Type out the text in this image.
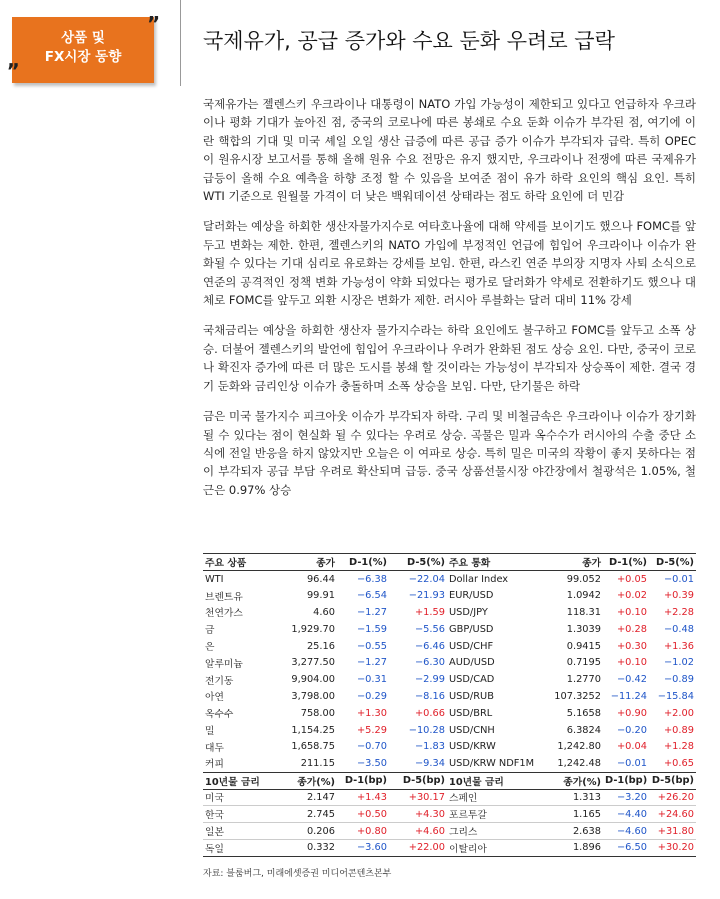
상품 및
FX시장 동향
„
”
국제유가, 공급 증가와 수요 둔화 우려로 급락

국제유가는 젤렌스키 우크라이나 대통령이 NATO 가입 가능성이 제한되고 있다고 언급하자 우크라이나 평화 기대가 높아진 점, 중국의 코로나에 따른 봉쇄로 수요 둔화 이슈가 부각된 점, 여기에 이란 핵합의 기대 및 미국 셰일 오일 생산 급증에 따른 공급 증가 이슈가 부각되자 급락. 특히 OPEC이 원유시장 보고서를 통해 올해 원유 수요 전망은 유지 했지만, 우크라이나 전쟁에 따른 국제유가 급등이 올해 수요 예측을 하향 조정 할 수 있음을 보여준 점이 유가 하락 요인의 핵심 요인. 특히 WTI 기준으로 원월물 가격이 더 낮은 백워데이션 상태라는 점도 하락 요인에 더 민감

달러화는 예상을 하회한 생산자물가지수로 여타호나율에 대해 약세를 보이기도 했으나 FOMC를 앞두고 변화는 제한. 한편, 젤렌스키의 NATO 가입에 부정적인 언급에 힘입어 우크라이나 이슈가 완화될 수 있다는 기대 심리로 유로화는 강세를 보임. 한편, 라스킨 연준 부의장 지명자 사퇴 소식으로 연준의 공격적인 정책 변화 가능성이 약화 되었다는 평가로 달러화가 약세로 전환하기도 했으나 대체로 FOMC를 앞두고 외환 시장은 변화가 제한. 러시아 루블화는 달러 대비 11% 강세

국채금리는 예상을 하회한 생산자 물가지수라는 하락 요인에도 불구하고 FOMC를 앞두고 소폭 상승. 더불어 젤렌스키의 발언에 힘입어 우크라이나 우려가 완화된 점도 상승 요인. 다만, 중국이 코로나 확진자 증가에 따른 더 많은 도시를 봉쇄 할 것이라는 가능성이 부각되자 상승폭이 제한. 결국 경기 둔화와 금리인상 이슈가 충돌하며 소폭 상승을 보임. 다만, 단기물은 하락

금은 미국 물가지수 피크아웃 이슈가 부각되자 하락. 구리 및 비철금속은 우크라이나 이슈가 장기화 될 수 있다는 점이 현실화 될 수 있다는 우려로 상승. 곡물은 밀과 옥수수가 러시아의 수출 중단 소식에 전일 반응을 하지 않았지만 오늘은 이 여파로 상승. 특히 밀은 미국의 작황이 좋지 못하다는 점이 부각되자 공급 부담 우려로 확산되며 급등. 중국 상품선물시장 야간장에서 철광석은 1.05%, 철근은 0.97% 상승

주요 상품	종가	D-1(%)	D-5(%)	주요 통화	종가	D-1(%)	D-5(%)
WTI	96.44	−6.38	−22.04	Dollar Index	99.052	+0.05	−0.01
브렌트유	99.91	−6.54	−21.93	EUR/USD	1.0942	+0.02	+0.39
천연가스	4.60	−1.27	+1.59	USD/JPY	118.31	+0.10	+2.28
금	1,929.70	−1.59	−5.56	GBP/USD	1.3039	+0.28	−0.48
은	25.16	−0.55	−6.46	USD/CHF	0.9415	+0.30	+1.36
알루미늄	3,277.50	−1.27	−6.30	AUD/USD	0.7195	+0.10	−1.02
전기동	9,904.00	−0.31	−2.99	USD/CAD	1.2770	−0.42	−0.89
아연	3,798.00	−0.29	−8.16	USD/RUB	107.3252	−11.24	−15.84
옥수수	758.00	+1.30	+0.66	USD/BRL	5.1658	+0.90	+2.00
밀	1,154.25	+5.29	−10.28	USD/CNH	6.3824	−0.20	+0.89
대두	1,658.75	−0.70	−1.83	USD/KRW	1,242.80	+0.04	+1.28
커피	211.15	−3.50	−9.34	USD/KRW NDF1M	1,242.48	−0.01	+0.65
10년물 금리	종가(%)	D-1(bp)	D-5(bp)	10년물 금리	종가(%)	D-1(bp)	D-5(bp)
미국	2.147	+1.43	+30.17	스페인	1.313	−3.20	+26.20
한국	2.745	+0.50	+4.30	포르투갈	1.165	−4.40	+24.60
일본	0.206	+0.80	+4.60	그리스	2.638	−4.60	+31.80
독일	0.332	−3.60	+22.00	이탈리아	1.896	−6.50	+30.20
자료: 블룸버그, 미래에셋증권 미디어콘텐츠본부
